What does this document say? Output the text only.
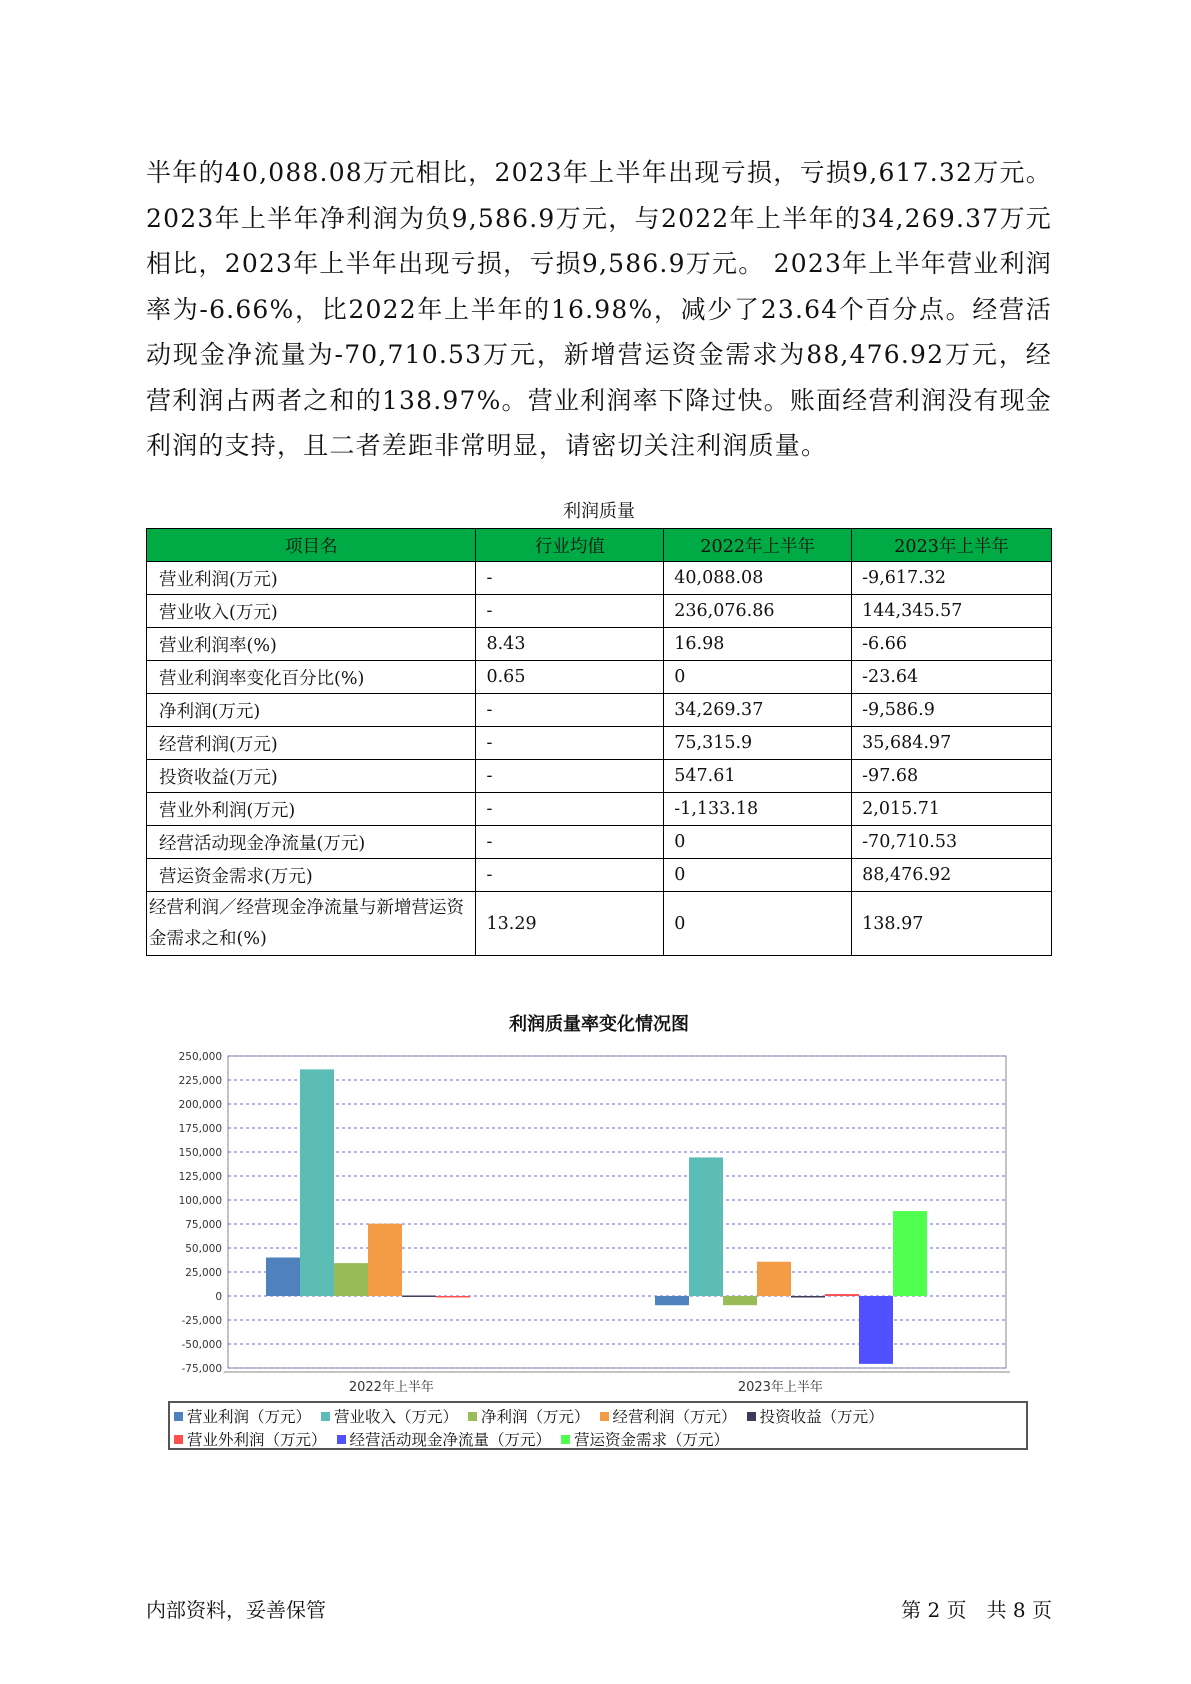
半年的40,088.08万元相比，2023年上半年出现亏损，亏损9,617.32万元。2023年上半年净利润为负9,586.9万元，与2022年上半年的34,269.37万元相比，2023年上半年出现亏损，亏损9,586.9万元。 2023年上半年营业利润率为-6.66%，比2022年上半年的16.98%，减少了23.64个百分点。经营活动现金净流量为-70,710.53万元，新增营运资金需求为88,476.92万元，经营利润占两者之和的138.97%。营业利润率下降过快。账面经营利润没有现金利润的支持，且二者差距非常明显，请密切关注利润质量。

利润质量
项目名	行业均值	2022年上半年	2023年上半年
营业利润(万元)	-	40,088.08	-9,617.32
营业收入(万元)	-	236,076.86	144,345.57
营业利润率(%)	8.43	16.98	-6.66
营业利润率变化百分比(%)	0.65	0	-23.64
净利润(万元)	-	34,269.37	-9,586.9
经营利润(万元)	-	75,315.9	35,684.97
投资收益(万元)	-	547.61	-97.68
营业外利润(万元)	-	-1,133.18	2,015.71
经营活动现金净流量(万元)	-	0	-70,710.53
营运资金需求(万元)	-	0	88,476.92
经营利润／经营现金净流量与新增营运资金需求之和(%)	13.29	0	138.97
利润质量率变化情况图
250,000
225,000
200,000
175,000
150,000
125,000
100,000
75,000
50,000
25,000
0
-25,000
-50,000
-75,000
2022年上半年	2023年上半年
营业利润（万元） 营业收入（万元） 净利润（万元） 经营利润（万元） 投资收益（万元）
营业外利润（万元） 经营活动现金净流量（万元） 营运资金需求（万元）
内部资料，妥善保管	第 2 页　共 8 页
